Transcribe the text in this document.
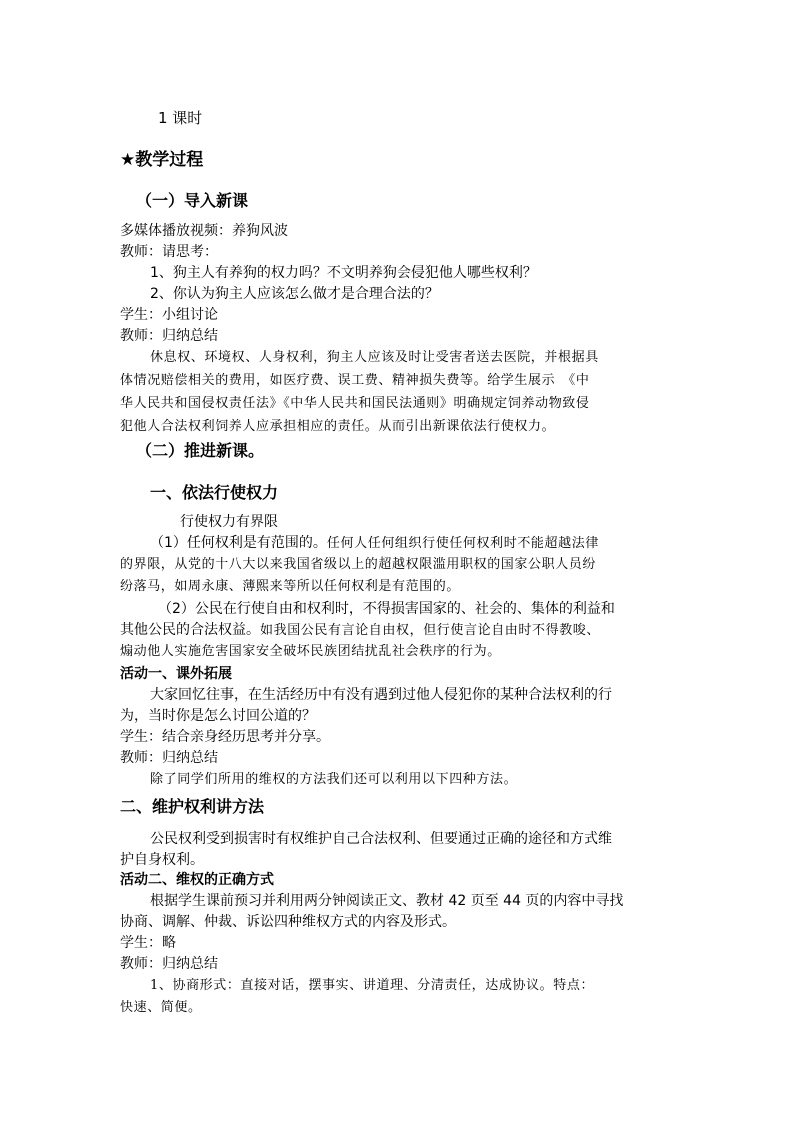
1 课时
★教学过程
（一）导入新课
多媒体播放视频：养狗风波
教师：请思考：
1、狗主人有养狗的权力吗？不文明养狗会侵犯他人哪些权利？
2、你认为狗主人应该怎么做才是合理合法的？
学生：小组讨论
教师：归纳总结
休息权、环境权、人身权利，狗主人应该及时让受害者送去医院，并根据具
体情况赔偿相关的费用，如医疗费、误工费、精神损失费等。给学生展示　《中
华人民共和国侵权责任法》《中华人民共和国民法通则》明确规定饲养动物致侵
犯他人合法权利饲养人应承担相应的责任。从而引出新课依法行使权力。
（二）推进新课。
一、依法行使权力
行使权力有界限
（1）任何权利是有范围的。任何人任何组织行使任何权利时不能超越法律
的界限，从党的十八大以来我国省级以上的超越权限滥用职权的国家公职人员纷
纷落马，如周永康、薄熙来等所以任何权利是有范围的。
（2）公民在行使自由和权利时，不得损害国家的、社会的、集体的利益和
其他公民的合法权益。如我国公民有言论自由权，但行使言论自由时不得教唆、
煽动他人实施危害国家安全破坏民族团结扰乱社会秩序的行为。
活动一、课外拓展
大家回忆往事，在生活经历中有没有遇到过他人侵犯你的某种合法权利的行
为，当时你是怎么讨回公道的？
学生：结合亲身经历思考并分享。
教师：归纳总结
除了同学们所用的维权的方法我们还可以利用以下四种方法。
二、维护权利讲方法
公民权利受到损害时有权维护自己合法权利、但要通过正确的途径和方式维
护自身权利。
活动二、维权的正确方式
根据学生课前预习并利用两分钟阅读正文、教材 42 页至 44 页的内容中寻找
协商、调解、仲裁、诉讼四种维权方式的内容及形式。
学生：略
教师：归纳总结
1、协商形式：直接对话，摆事实、讲道理、分清责任，达成协议。特点：
快速、简便。
